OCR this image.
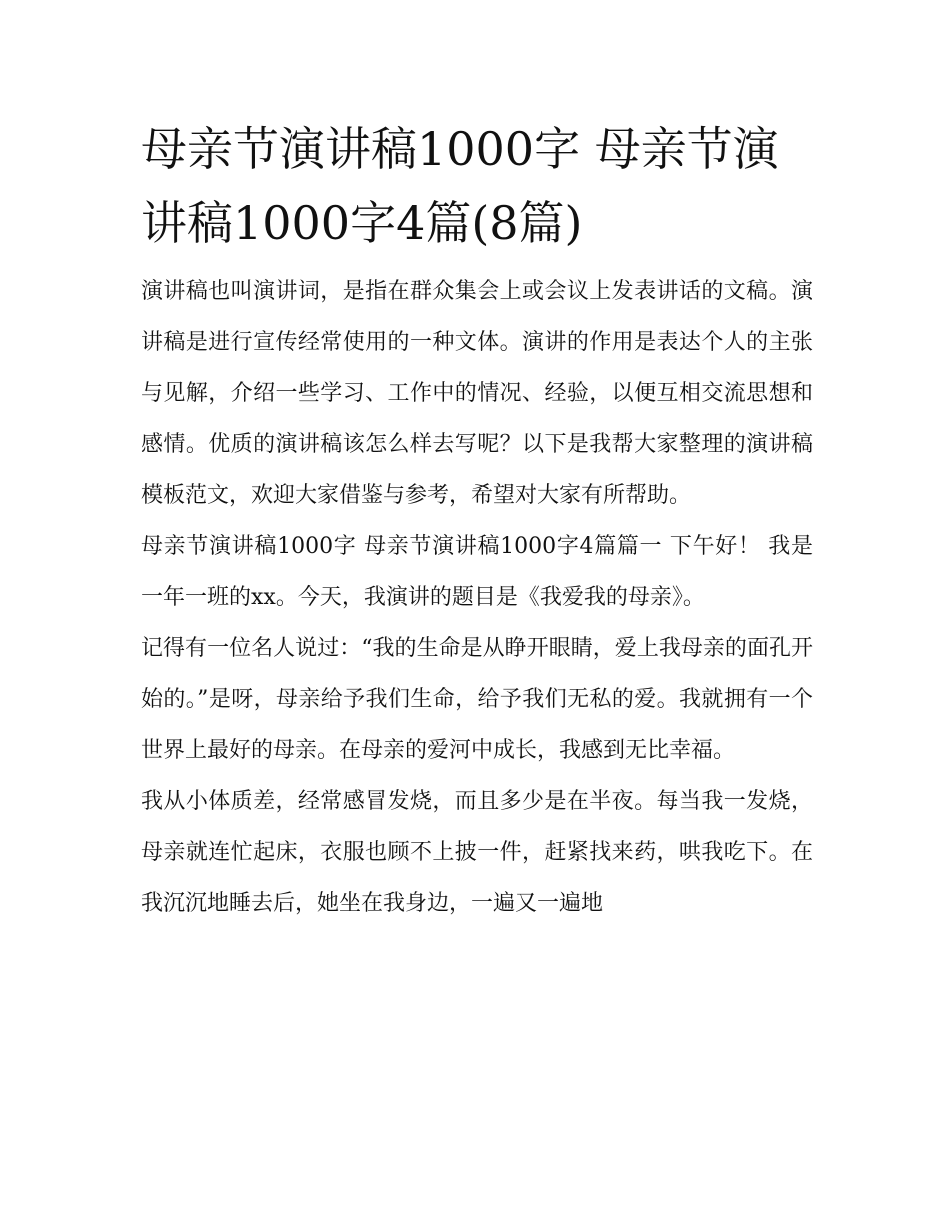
母亲节演讲稿1000字 母亲节演讲稿1000字4篇(8篇)

演讲稿也叫演讲词，是指在群众集会上或会议上发表讲话的文稿。演讲稿是进行宣传经常使用的一种文体。演讲的作用是表达个人的主张与见解，介绍一些学习、工作中的情况、经验，以便互相交流思想和感情。优质的演讲稿该怎么样去写呢？以下是我帮大家整理的演讲稿模板范文，欢迎大家借鉴与参考，希望对大家有所帮助。

母亲节演讲稿1000字 母亲节演讲稿1000字4篇篇一 下午好！ 我是一年一班的xx。今天，我演讲的题目是《我爱我的母亲》。

记得有一位名人说过：“我的生命是从睁开眼睛，爱上我母亲的面孔开始的。”是呀，母亲给予我们生命，给予我们无私的爱。我就拥有一个世界上最好的母亲。在母亲的爱河中成长，我感到无比幸福。

我从小体质差，经常感冒发烧，而且多少是在半夜。每当我一发烧，母亲就连忙起床，衣服也顾不上披一件，赶紧找来药，哄我吃下。在我沉沉地睡去后，她坐在我身边，一遍又一遍地
